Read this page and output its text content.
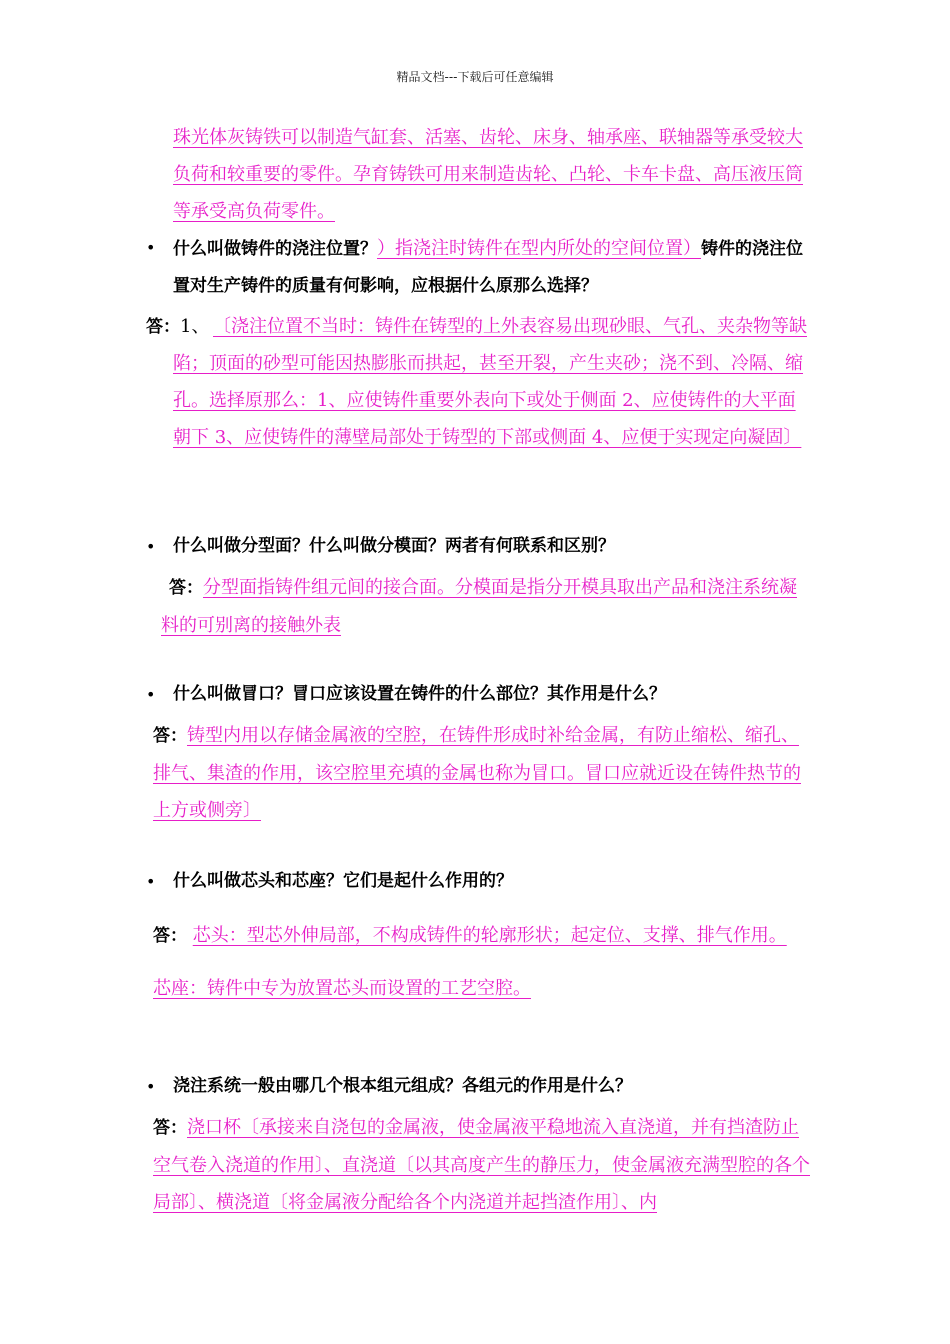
精品文档---下载后可任意编辑
珠光体灰铸铁可以制造气缸套、活塞、齿轮、床身、轴承座、联轴器等承受较大负荷和较重要的零件。孕育铸铁可用来制造齿轮、凸轮、卡车卡盘、高压液压筒等承受高负荷零件。
• 什么叫做铸件的浇注位置？）指浇注时铸件在型内所处的空间位置）铸件的浇注位置对生产铸件的质量有何影响，应根据什么原那么选择？
答：1、 〔浇注位置不当时：铸件在铸型的上外表容易出现砂眼、气孔、夹杂物等缺陷；顶面的砂型可能因热膨胀而拱起，甚至开裂，产生夹砂；浇不到、冷隔、缩孔。选择原那么：1、应使铸件重要外表向下或处于侧面 2、应使铸件的大平面朝下 3、应使铸件的薄壁局部处于铸型的下部或侧面 4、应便于实现定向凝固〕
• 什么叫做分型面？什么叫做分模面？两者有何联系和区别？
答：分型面指铸件组元间的接合面。分模面是指分开模具取出产品和浇注系统凝料的可别离的接触外表
• 什么叫做冒口？冒口应该设置在铸件的什么部位？其作用是什么？
答：铸型内用以存储金属液的空腔，在铸件形成时补给金属，有防止缩松、缩孔、排气、集渣的作用，该空腔里充填的金属也称为冒口。冒口应就近设在铸件热节的上方或侧旁〕
• 什么叫做芯头和芯座？它们是起什么作用的？
答： 芯头：型芯外伸局部，不构成铸件的轮廓形状；起定位、支撑、排气作用。
芯座：铸件中专为放置芯头而设置的工艺空腔。
• 浇注系统一般由哪几个根本组元组成？各组元的作用是什么？
答：浇口杯〔承接来自浇包的金属液，使金属液平稳地流入直浇道，并有挡渣防止空气卷入浇道的作用〕、直浇道〔以其高度产生的静压力，使金属液充满型腔的各个局部〕、横浇道〔将金属液分配给各个内浇道并起挡渣作用〕、内
